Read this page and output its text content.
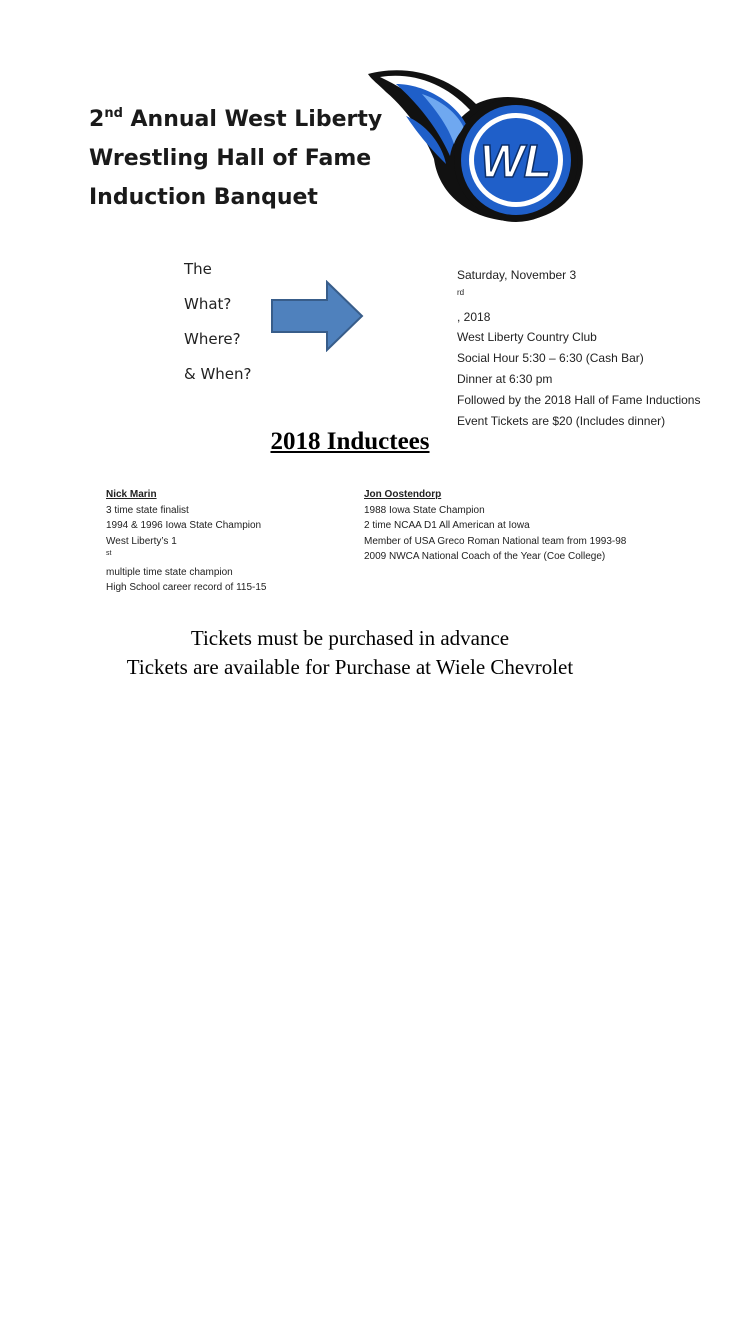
2nd Annual West Liberty
Wrestling Hall of Fame
Induction Banquet
WL
The
What?
Where?
& When?
Saturday, November 3
$^{rd}$
, 2018
West Liberty Country Club
Social Hour 5:30 – 6:30 (Cash Bar)
Dinner at 6:30 pm
Followed by the 2018 Hall of Fame Inductions
Event Tickets are $20 (Includes dinner)
2018 Inductees
Nick Marin
3 time state finalist
1994 & 1996 Iowa State Champion
West Liberty’s 1
$^{st}$
multiple time state champion
High School career record of 115-15
Jon Oostendorp
1988 Iowa State Champion
2 time NCAA D1 All American at Iowa
Member of USA Greco Roman National team from 1993-98
2009 NWCA National Coach of the Year (Coe College)
Tickets must be purchased in advance
Tickets are available for Purchase at Wiele Chevrolet
